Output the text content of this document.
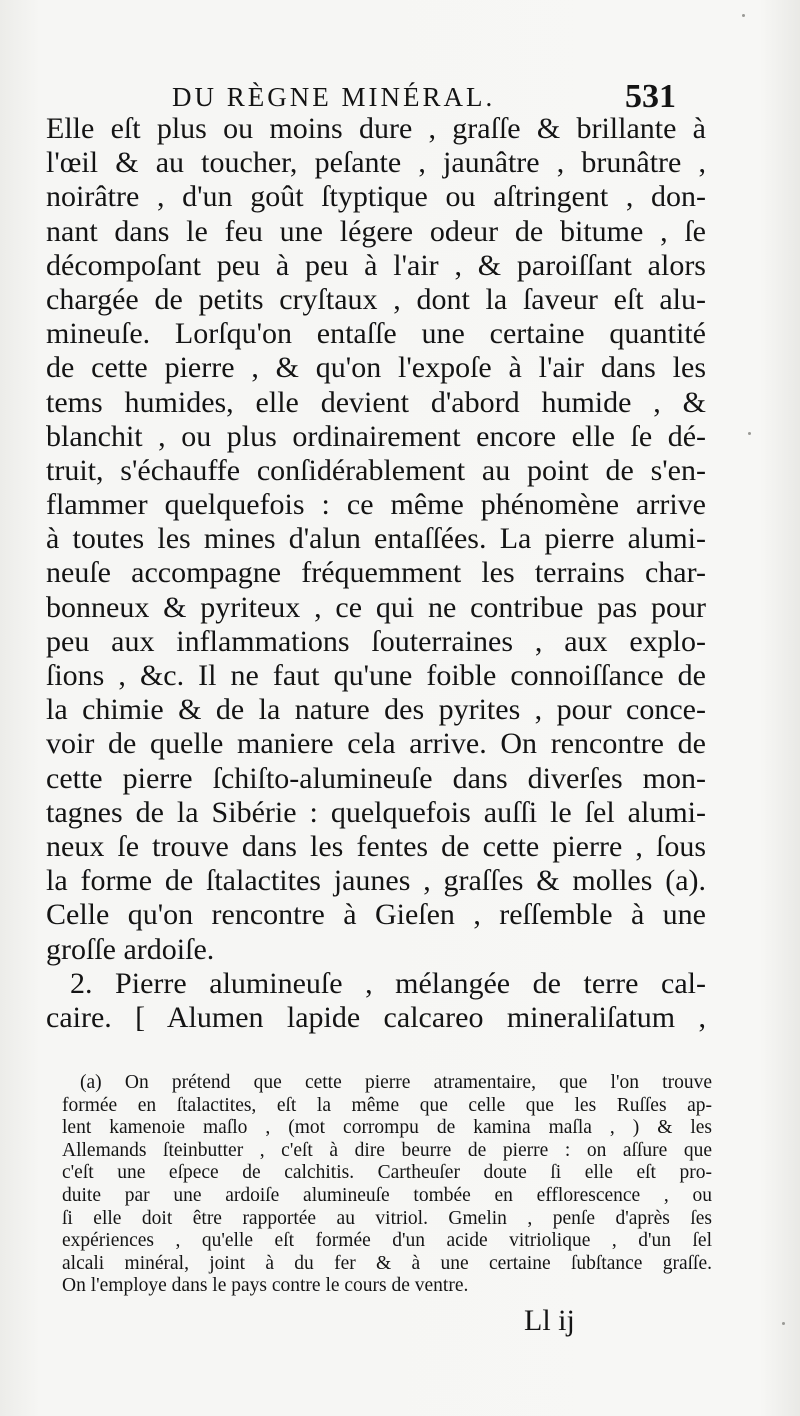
DU RÈGNE MINÉRAL.	531
Elle eſt plus ou moins dure , graſſe & brillante à
l'œil & au toucher, peſante , jaunâtre , brunâtre ,
noirâtre , d'un goût ſtyptique ou aſtringent , don-
nant dans le feu une légere odeur de bitume , ſe
décompoſant peu à peu à l'air , & paroiſſant alors
chargée de petits cryſtaux , dont la ſaveur eſt alu-
mineuſe. Lorſqu'on entaſſe une certaine quantité
de cette pierre , & qu'on l'expoſe à l'air dans les
tems humides, elle devient d'abord humide , &
blanchit , ou plus ordinairement encore elle ſe dé-
truit, s'échauffe conſidérablement au point de s'en-
flammer quelquefois : ce même phénomène arrive
à toutes les mines d'alun entaſſées. La pierre alumi-
neuſe accompagne fréquemment les terrains char-
bonneux & pyriteux , ce qui ne contribue pas pour
peu aux inflammations ſouterraines , aux explo-
ſions , &c. Il ne faut qu'une foible connoiſſance de
la chimie & de la nature des pyrites , pour conce-
voir de quelle maniere cela arrive. On rencontre de
cette pierre ſchiſto-alumineuſe dans diverſes mon-
tagnes de la Sibérie : quelquefois auſſi le ſel alumi-
neux ſe trouve dans les fentes de cette pierre , ſous
la forme de ſtalactites jaunes , graſſes & molles (a).
Celle qu'on rencontre à Gieſen , reſſemble à une
groſſe ardoiſe.
2. Pierre alumineuſe , mélangée de terre cal-
caire. [ Alumen lapide calcareo mineraliſatum ,
(a) On prétend que cette pierre atramentaire, que l'on trouve
formée en ſtalactites, eſt la même que celle que les Ruſſes ap-
lent kamenoie maſlo , (mot corrompu de kamina maſla , ) & les
Allemands ſteinbutter , c'eſt à dire beurre de pierre : on aſſure que
c'eſt une eſpece de calchitis. Cartheuſer doute ſi elle eſt pro-
duite par une ardoiſe alumineuſe tombée en efflorescence , ou
ſi elle doit être rapportée au vitriol. Gmelin , penſe d'après ſes
expériences , qu'elle eſt formée d'un acide vitriolique , d'un ſel
alcali minéral, joint à du fer & à une certaine ſubſtance graſſe.
On l'employe dans le pays contre le cours de ventre.
Ll ij
